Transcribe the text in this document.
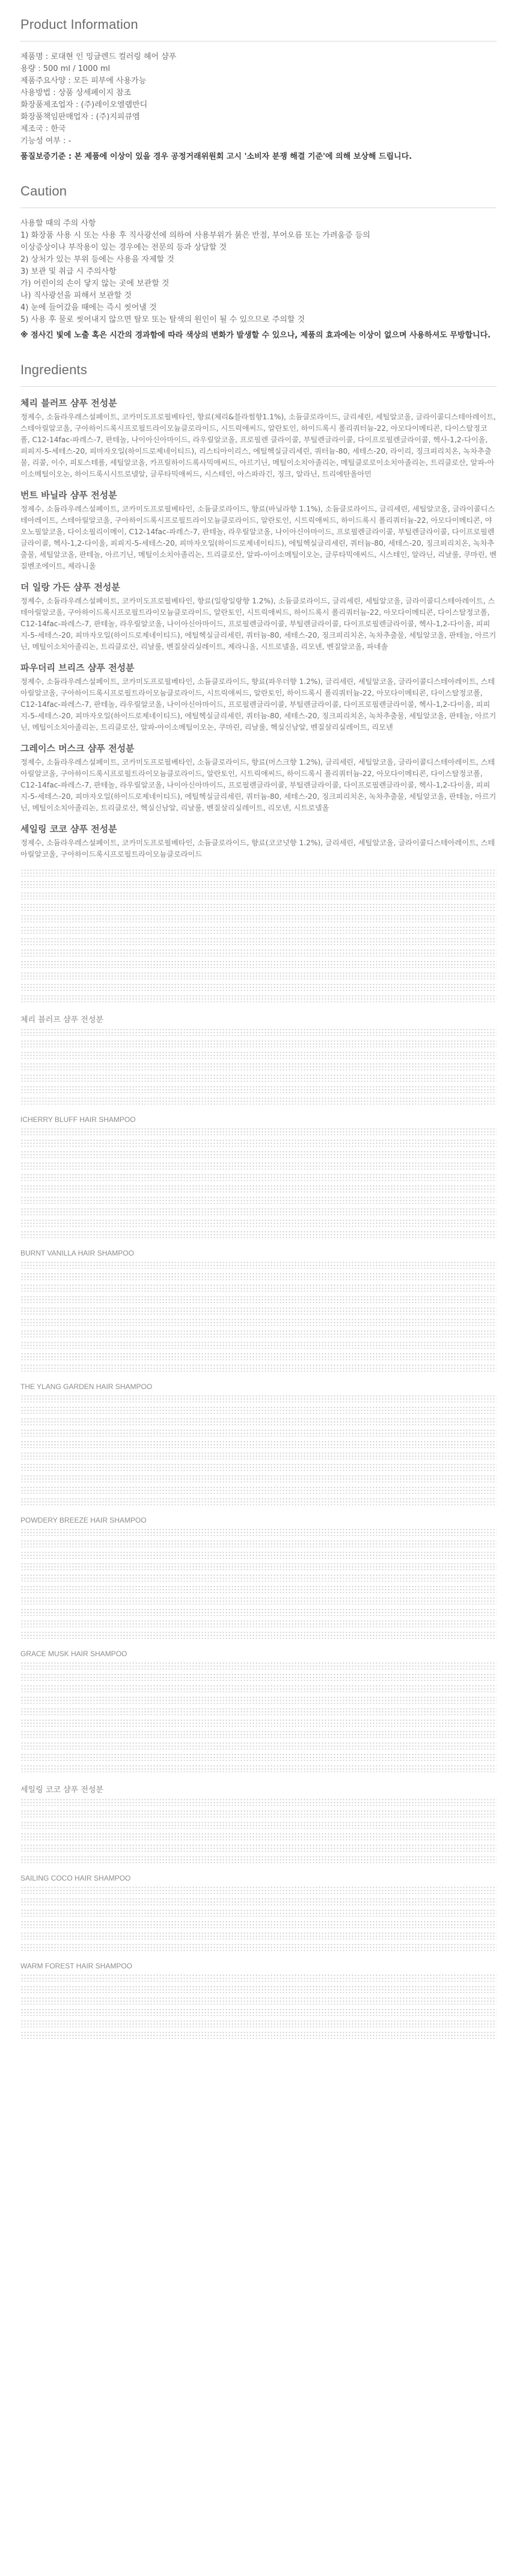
Product Information
제품명 : 로대현 인 밍글렌드 컬러링 헤어 샴푸
용량 : 500 ml / 1000 ml
제품주요사양 : 모든 피부에 사용가능
사용방법 : 상품 상세페이지 참조
화장품제조업자 : (주)레이오엘랩반디
화장품책임판매업자 : (주)지피큐엠
제조국 : 한국
기능성 여부 : -
품질보증기준 : 본 제품에 이상이 있을 경우 공정거래위원회 고시 '소비자 분쟁 해결 기준'에 의해 보상해 드립니다.
Caution
사용할 때의 주의 사항
1) 화장품 사용 시 또는 사용 후 직사광선에 의하여 사용부위가 붉은 반점, 부어오름 또는 가려움증 등의
이상증상이나 부작용이 있는 경우에는 전문의 등과 상담할 것
2) 상처가 있는 부위 등에는 사용을 자제할 것
3) 보관 및 취급 시 주의사항
가) 어린이의 손이 닿지 않는 곳에 보관할 것
나) 직사광선을 피해서 보관할 것
4) 눈에 들어갔을 때에는 즉시 씻어낼 것
5) 사용 후 물로 씻어내지 않으면 탈모 또는 탈색의 원인이 될 수 있으므로 주의할 것
※ 점사긴 빛에 노출 혹은 시간의 경과함에 따라 색상의 변화가 발생할 수 있으나, 제품의 효과에는 이상이 없으며 사용하셔도 무방합니다.
Ingredients
체리 블러프 샴푸 전성분

정제수, 소듐라우레스설페이트, 코카미도프로필베타인, 향료(체리&블라썸향1.1%), 소듐클로라이드, 글리세린, 세틸알코올, 글라이콜디스테아레이트, 스테아릴알코올, 구아하이드록시프로필트라이모늄클로라이드, 시트릭애씨드, 알란토인, 하이드록시 폴리쿼터늄-22, 아모다이메티콘, 다이스탈정코폴, C12-14fac-파레스-7, 판테놀, 나이아신아마이드, 라우릴알코올, 프로필렌 클라이콜, 부틸렌글라이콜, 다이프로필렌글라이콜, 헥사-1,2-다이올, 피피지-5-세테스-20, 피마자오일(하이드로제네이티드), 리스티아이리스, 에틸헥실글리세린, 쿼터늄-80, 세테스-20, 라이리, 징크피리치온, 녹차추출물, 리콜, 이수, 피토스테롤, 세틸알코올, 카프릴하이드록사믹애씨드, 아르기닌, 메틸이소치아졸리논, 메틸클로로이소치아졸리논, 트리클로산, 알파-아이소메틸이오논, 하이드록시시트로넬알, 글루타믹애씨드, 시스테인, 아스파라긴, 징크, 알라닌, 트리에탄올아민

번트 바닐라 샴푸 전성분

정제수, 소듐라우레스설페이트, 코카미도프로필베타인, 소듐클로라이드, 향료(바닐라향 1.1%), 소듐클로라이드, 글리세린, 세틸알코올, 글라이콜디스테아레이트, 스테아릴알코올, 구아하이드록시프로필트라이모늄클로라이드, 알란토인, 시트릭애씨드, 하이드록시 폴리쿼터늄-22, 아모다이메티콘, 야오노필알코올, 다이소필리이메이, C12-14fac-파레스-7, 판테놀, 라우릴알코올, 나이아신아마이드, 프로필렌글라이콜, 부틸렌글라이콜, 다이프로필렌글라이콜, 헥사-1,2-다이올, 피피지-5-세테스-20, 피마자오일(하이드로제네이티드), 에틸헥실글리세린, 쿼터늄-80, 세테스-20, 징크피리치온, 녹차추출물, 세틸알코올, 판테놀, 아르기닌, 메틸이소치아졸리논, 트리클로산, 알파-아이소메틸이오논, 글루타믹애씨드, 시스테인, 알라닌, 리날룰, 쿠마린, 벤질벤조에이트, 제라니올

더 일랑 가든 샴푸 전성분

정제수, 소듐라우레스설페이트, 코카미도프로필베타인, 향료(일랑일랑향 1.2%), 소듐클로라이드, 글리세린, 세틸알코올, 글라이콜디스테아레이트, 스테아릴알코올, 구아하이드록시프로필트라이모늄클로라이드, 알란토인, 시트릭애씨드, 하이드록시 폴리쿼터늄-22, 아모다이메티콘, 다이스탈정코폴, C12-14fac-파레스-7, 판테놀, 라우릴알코올, 나이아신아마이드, 프로필렌글라이콜, 부틸렌글라이콜, 다이프로필렌글라이콜, 헥사-1,2-다이올, 피피지-5-세테스-20, 피마자오일(하이드로제네이티드), 에틸헥실글리세린, 쿼터늄-80, 세테스-20, 징크피리치온, 녹차추출물, 세틸알코올, 판테놀, 아르기닌, 메틸이소치아졸리논, 트리클로산, 리날룰, 벤질살리실레이트, 제라니올, 시트로넬올, 리모넨, 벤질알코올, 파네솔

파우더리 브리즈 샴푸 전성분

정제수, 소듐라우레스설페이트, 코카미도프로필베타인, 소듐클로라이드, 향료(파우더향 1.2%), 글리세린, 세틸알코올, 글라이콜디스테아레이트, 스테아릴알코올, 구아하이드록시프로필트라이모늄클로라이드, 시트릭애씨드, 알란토인, 하이드록시 폴리쿼터늄-22, 아모다이메티콘, 다이스탈정코폴, C12-14fac-파레스-7, 판테놀, 라우릴알코올, 나이아신아마이드, 프로필렌글라이콜, 부틸렌글라이콜, 다이프로필렌글라이콜, 헥사-1,2-다이올, 피피지-5-세테스-20, 피마자오일(하이드로제네이티드), 에틸헥실글리세린, 쿼터늄-80, 세테스-20, 징크피리치온, 녹차추출물, 세틸알코올, 판테놀, 아르기닌, 메틸이소치아졸리논, 트리클로산, 알파-아이소메틸이오논, 쿠마린, 리날룰, 헥실신남알, 벤질살리실레이트, 리모넨

그레이스 머스크 샴푸 전성분

정제수, 소듐라우레스설페이트, 코카미도프로필베타인, 소듐클로라이드, 향료(머스크향 1.2%), 글리세린, 세틸알코올, 글라이콜디스테아레이트, 스테아릴알코올, 구아하이드록시프로필트라이모늄클로라이드, 알란토인, 시트릭애씨드, 하이드록시 폴리쿼터늄-22, 아모다이메티콘, 다이스탈정코폴, C12-14fac-파레스-7, 판테놀, 라우릴알코올, 나이아신아마이드, 프로필렌글라이콜, 부틸렌글라이콜, 다이프로필렌글라이콜, 헥사-1,2-다이올, 피피지-5-세테스-20, 피마자오일(하이드로제네이티드), 에틸헥실글리세린, 쿼터늄-80, 세테스-20, 징크피리치온, 녹차추출물, 세틸알코올, 판테놀, 아르기닌, 메틸이소치아졸리논, 트리클로산, 헥실신남알, 리날룰, 벤질살리실레이트, 리모넨, 시트로넬올

세일링 코코 샴푸 전성분

정제수, 소듐라우레스설페이트, 코카미도프로필베타인, 소듐클로라이드, 향료(코코넛향 1.2%), 글리세린, 세틸알코올, 글라이콜디스테아레이트, 스테아릴알코올, 구아하이드록시프로필트라이모늄클로라이드

체리 블러프 샴푸 전성분
ICHERRY BLUFF HAIR SHAMPOO
BURNT VANILLA HAIR SHAMPOO
THE YLANG GARDEN HAIR SHAMPOO
POWDERY BREEZE HAIR SHAMPOO
GRACE MUSK HAIR SHAMPOO
세일링 코코 샴푸 전성분
SAILING COCO HAIR SHAMPOO
WARM FOREST HAIR SHAMPOO
